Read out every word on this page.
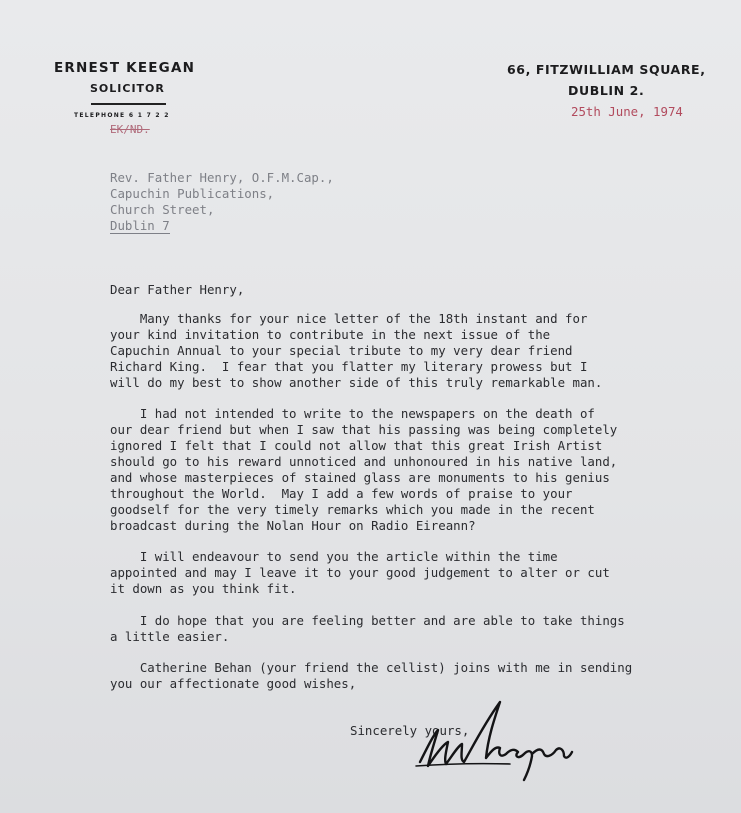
ERNEST KEEGAN
SOLICITOR
TELEPHONE 6 1 7 2 2
EK/ND.
66, FITZWILLIAM SQUARE,
DUBLIN 2.
25th June, 1974
Rev. Father Henry, O.F.M.Cap.,
Capuchin Publications,
Church Street,
Dublin 7
Dear Father Henry,
Many thanks for your nice letter of the 18th instant and for
your kind invitation to contribute in the next issue of the
Capuchin Annual to your special tribute to my very dear friend
Richard King.  I fear that you flatter my literary prowess but I
will do my best to show another side of this truly remarkable man.
I had not intended to write to the newspapers on the death of
our dear friend but when I saw that his passing was being completely
ignored I felt that I could not allow that this great Irish Artist
should go to his reward unnoticed and unhonoured in his native land,
and whose masterpieces of stained glass are monuments to his genius
throughout the World.  May I add a few words of praise to your
goodself for the very timely remarks which you made in the recent
broadcast during the Nolan Hour on Radio Eireann?
I will endeavour to send you the article within the time
appointed and may I leave it to your good judgement to alter or cut
it down as you think fit.
I do hope that you are feeling better and are able to take things
a little easier.
Catherine Behan (your friend the cellist) joins with me in sending
you our affectionate good wishes,
Sincerely yours,
